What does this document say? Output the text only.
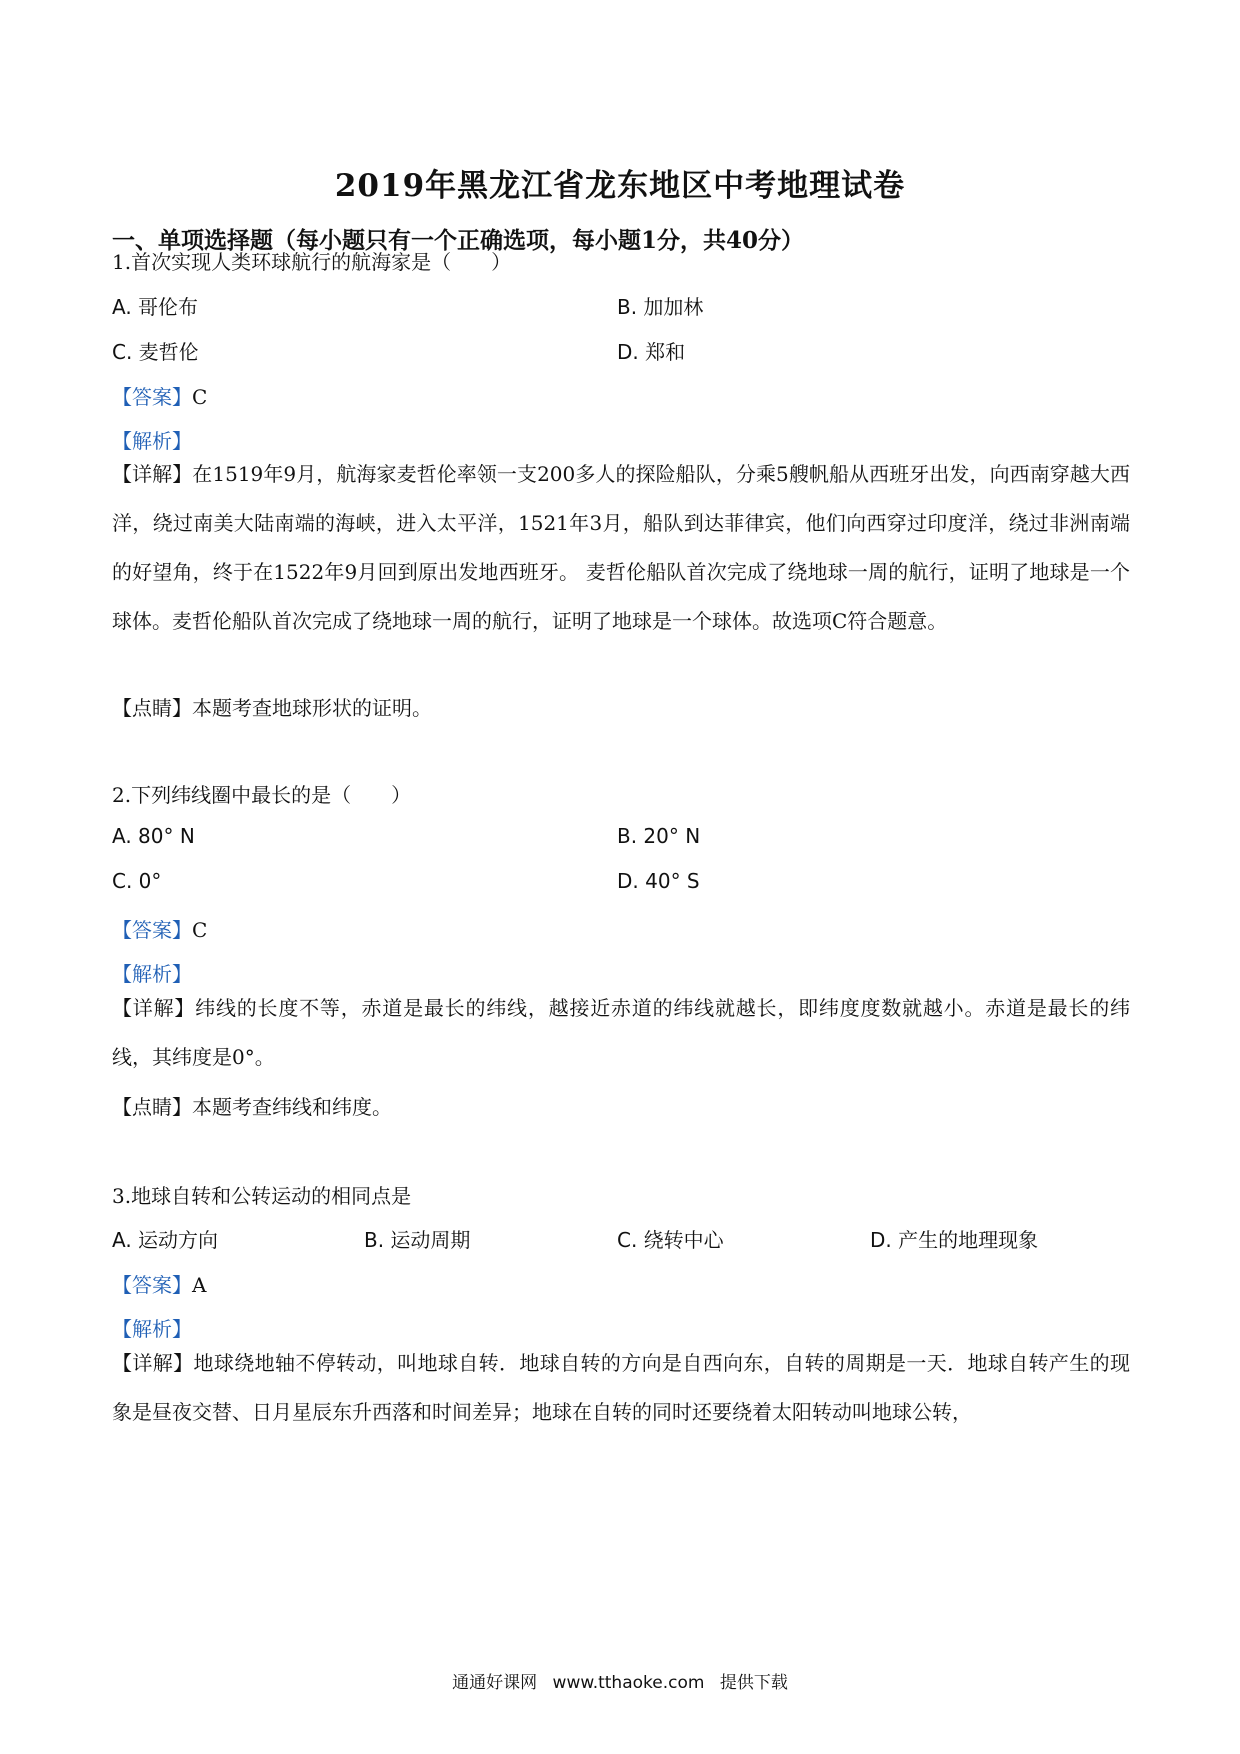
2019年黑龙江省龙东地区中考地理试卷
一、单项选择题（每小题只有一个正确选项，每小题1分，共40分）
1.首次实现人类环球航行的航海家是（　　）
A. 哥伦布	B. 加加林
C. 麦哲伦	D. 郑和
【答案】C
【解析】
【详解】在1519年9月，航海家麦哲伦率领一支200多人的探险船队，分乘5艘帆船从西班牙出发，向西南穿越大西洋，绕过南美大陆南端的海峡，进入太平洋，1521年3月，船队到达菲律宾，他们向西穿过印度洋，绕过非洲南端的好望角，终于在1522年9月回到原出发地西班牙。 麦哲伦船队首次完成了绕地球一周的航行，证明了地球是一个球体。麦哲伦船队首次完成了绕地球一周的航行，证明了地球是一个球体。故选项C符合题意。
【点睛】本题考查地球形状的证明。
2.下列纬线圈中最长的是（　　）
A. 80° N	B. 20° N
C. 0°	D. 40° S
【答案】C
【解析】
【详解】纬线的长度不等，赤道是最长的纬线，越接近赤道的纬线就越长，即纬度度数就越小。赤道是最长的纬线，其纬度是0°。
【点睛】本题考查纬线和纬度。
3.地球自转和公转运动的相同点是
A. 运动方向	B. 运动周期	C. 绕转中心	D. 产生的地理现象
【答案】A
【解析】
【详解】地球绕地轴不停转动，叫地球自转．地球自转的方向是自西向东，自转的周期是一天．地球自转产生的现象是昼夜交替、日月星辰东升西落和时间差异；地球在自转的同时还要绕着太阳转动叫地球公转，
通通好课网 www.tthaoke.com 提供下载
